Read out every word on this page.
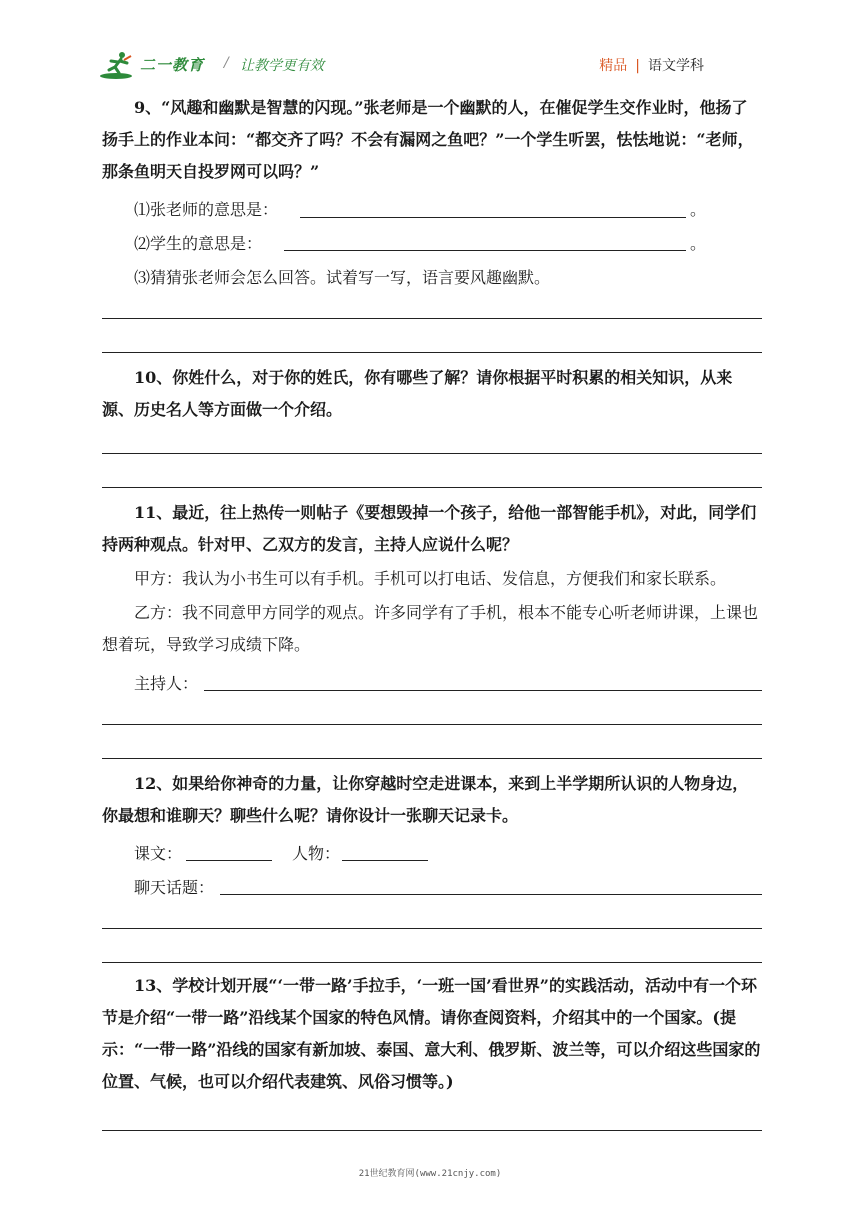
二一教育 / 让教学更有效	精品 | 语文学科

9、“风趣和幽默是智慧的闪现。”张老师是一个幽默的人，在催促学生交作业时，他扬了扬手上的作业本问：“都交齐了吗？不会有漏网之鱼吧？”一个学生听罢，怯怯地说：“老师，那条鱼明天自投罗网可以吗？”

⑴张老师的意思是：	。
⑵学生的意思是：	。
⑶猜猜张老师会怎么回答。试着写一写，语言要风趣幽默。

10、你姓什么，对于你的姓氏，你有哪些了解？请你根据平时积累的相关知识，从来源、历史名人等方面做一个介绍。

11、最近，往上热传一则帖子《要想毁掉一个孩子，给他一部智能手机》，对此，同学们持两种观点。针对甲、乙双方的发言，主持人应说什么呢？

甲方：我认为小书生可以有手机。手机可以打电话、发信息，方便我们和家长联系。

乙方：我不同意甲方同学的观点。许多同学有了手机，根本不能专心听老师讲课，上课也想着玩，导致学习成绩下降。

主持人：

12、如果给你神奇的力量，让你穿越时空走进课本，来到上半学期所认识的人物身边，你最想和谁聊天？聊些什么呢？请你设计一张聊天记录卡。

课文：	人物：
聊天话题：

13、学校计划开展“‘一带一路’手拉手，‘一班一国’看世界”的实践活动，活动中有一个环节是介绍“一带一路”沿线某个国家的特色风情。请你查阅资料，介绍其中的一个国家。(提示：“一带一路”沿线的国家有新加坡、泰国、意大利、俄罗斯、波兰等，可以介绍这些国家的位置、气候，也可以介绍代表建筑、风俗习惯等。)

21世纪教育网(www.21cnjy.com)
